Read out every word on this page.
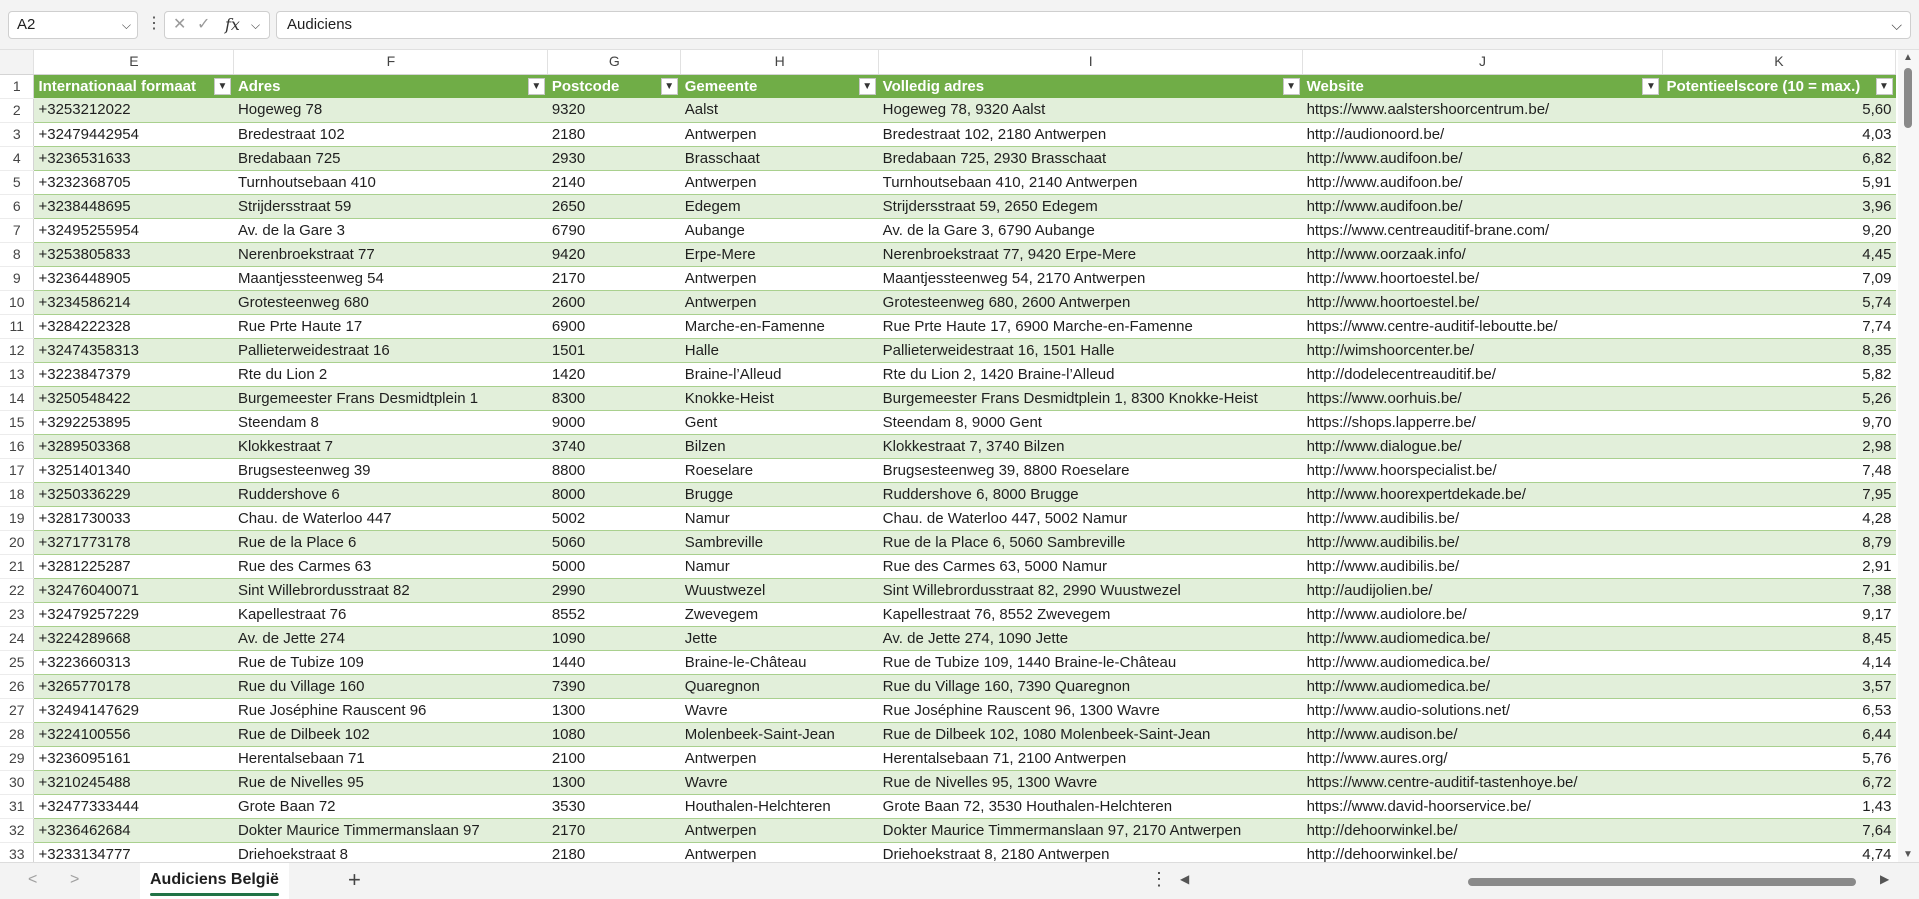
A2	⌵ ⋮ ✕ ✓ fx ⌵	Audiciens	⌵
	E	F	G	H	I	J	K
1	Internationaal formaat ▼	Adres ▼	Postcode ▼	Gemeente ▼	Volledig adres ▼	Website ▼	Potentieelscore (10 = max.) ▼

2	+3253212022	Hogeweg 78	9320	Aalst	Hogeweg 78, 9320 Aalst	https://www.aalstershoorcentrum.be/	5,60
3	+32479442954	Bredestraat 102	2180	Antwerpen	Bredestraat 102, 2180 Antwerpen	http://audionoord.be/	4,03
4	+3236531633	Bredabaan 725	2930	Brasschaat	Bredabaan 725, 2930 Brasschaat	http://www.audifoon.be/	6,82
5	+3232368705	Turnhoutsebaan 410	2140	Antwerpen	Turnhoutsebaan 410, 2140 Antwerpen	http://www.audifoon.be/	5,91
6	+3238448695	Strijdersstraat 59	2650	Edegem	Strijdersstraat 59, 2650 Edegem	http://www.audifoon.be/	3,96
7	+32495255954	Av. de la Gare 3	6790	Aubange	Av. de la Gare 3, 6790 Aubange	https://www.centreauditif-brane.com/	9,20
8	+3253805833	Nerenbroekstraat 77	9420	Erpe-Mere	Nerenbroekstraat 77, 9420 Erpe-Mere	http://www.oorzaak.info/	4,45
9	+3236448905	Maantjessteenweg 54	2170	Antwerpen	Maantjessteenweg 54, 2170 Antwerpen	http://www.hoortoestel.be/	7,09
10	+3234586214	Grotesteenweg 680	2600	Antwerpen	Grotesteenweg 680, 2600 Antwerpen	http://www.hoortoestel.be/	5,74
11	+3284222328	Rue Prte Haute 17	6900	Marche-en-Famenne	Rue Prte Haute 17, 6900 Marche-en-Famenne	https://www.centre-auditif-leboutte.be/	7,74
12	+32474358313	Pallieterweidestraat 16	1501	Halle	Pallieterweidestraat 16, 1501 Halle	http://wimshoorcenter.be/	8,35
13	+3223847379	Rte du Lion 2	1420	Braine-l’Alleud	Rte du Lion 2, 1420 Braine-l’Alleud	http://dodelecentreauditif.be/	5,82
14	+3250548422	Burgemeester Frans Desmidtplein 1	8300	Knokke-Heist	Burgemeester Frans Desmidtplein 1, 8300 Knokke-Heist	https://www.oorhuis.be/	5,26
15	+3292253895	Steendam 8	9000	Gent	Steendam 8, 9000 Gent	https://shops.lapperre.be/	9,70
16	+3289503368	Klokkestraat 7	3740	Bilzen	Klokkestraat 7, 3740 Bilzen	http://www.dialogue.be/	2,98
17	+3251401340	Brugsesteenweg 39	8800	Roeselare	Brugsesteenweg 39, 8800 Roeselare	http://www.hoorspecialist.be/	7,48
18	+3250336229	Ruddershove 6	8000	Brugge	Ruddershove 6, 8000 Brugge	http://www.hoorexpertdekade.be/	7,95
19	+3281730033	Chau. de Waterloo 447	5002	Namur	Chau. de Waterloo 447, 5002 Namur	http://www.audibilis.be/	4,28
20	+3271773178	Rue de la Place 6	5060	Sambreville	Rue de la Place 6, 5060 Sambreville	http://www.audibilis.be/	8,79
21	+3281225287	Rue des Carmes 63	5000	Namur	Rue des Carmes 63, 5000 Namur	http://www.audibilis.be/	2,91
22	+32476040071	Sint Willebrordusstraat 82	2990	Wuustwezel	Sint Willebrordusstraat 82, 2990 Wuustwezel	http://audijolien.be/	7,38
23	+32479257229	Kapellestraat 76	8552	Zwevegem	Kapellestraat 76, 8552 Zwevegem	http://www.audiolore.be/	9,17
24	+3224289668	Av. de Jette 274	1090	Jette	Av. de Jette 274, 1090 Jette	http://www.audiomedica.be/	8,45
25	+3223660313	Rue de Tubize 109	1440	Braine-le-Château	Rue de Tubize 109, 1440 Braine-le-Château	http://www.audiomedica.be/	4,14
26	+3265770178	Rue du Village 160	7390	Quaregnon	Rue du Village 160, 7390 Quaregnon	http://www.audiomedica.be/	3,57
27	+32494147629	Rue Joséphine Rauscent 96	1300	Wavre	Rue Joséphine Rauscent 96, 1300 Wavre	http://www.audio-solutions.net/	6,53
28	+3224100556	Rue de Dilbeek 102	1080	Molenbeek-Saint-Jean	Rue de Dilbeek 102, 1080 Molenbeek-Saint-Jean	http://www.audison.be/	6,44
29	+3236095161	Herentalsebaan 71	2100	Antwerpen	Herentalsebaan 71, 2100 Antwerpen	http://www.aures.org/	5,76
30	+3210245488	Rue de Nivelles 95	1300	Wavre	Rue de Nivelles 95, 1300 Wavre	https://www.centre-auditif-tastenhoye.be/	6,72
31	+32477333444	Grote Baan 72	3530	Houthalen-Helchteren	Grote Baan 72, 3530 Houthalen-Helchteren	https://www.david-hoorservice.be/	1,43
32	+3236462684	Dokter Maurice Timmermanslaan 97	2170	Antwerpen	Dokter Maurice Timmermanslaan 97, 2170 Antwerpen	http://dehoorwinkel.be/	7,64
33	+3233134777	Driehoekstraat 8	2180	Antwerpen	Driehoekstraat 8, 2180 Antwerpen	http://dehoorwinkel.be/	4,74
▲
▼
< >	Audiciens België	+	⋮ ◀	▶
